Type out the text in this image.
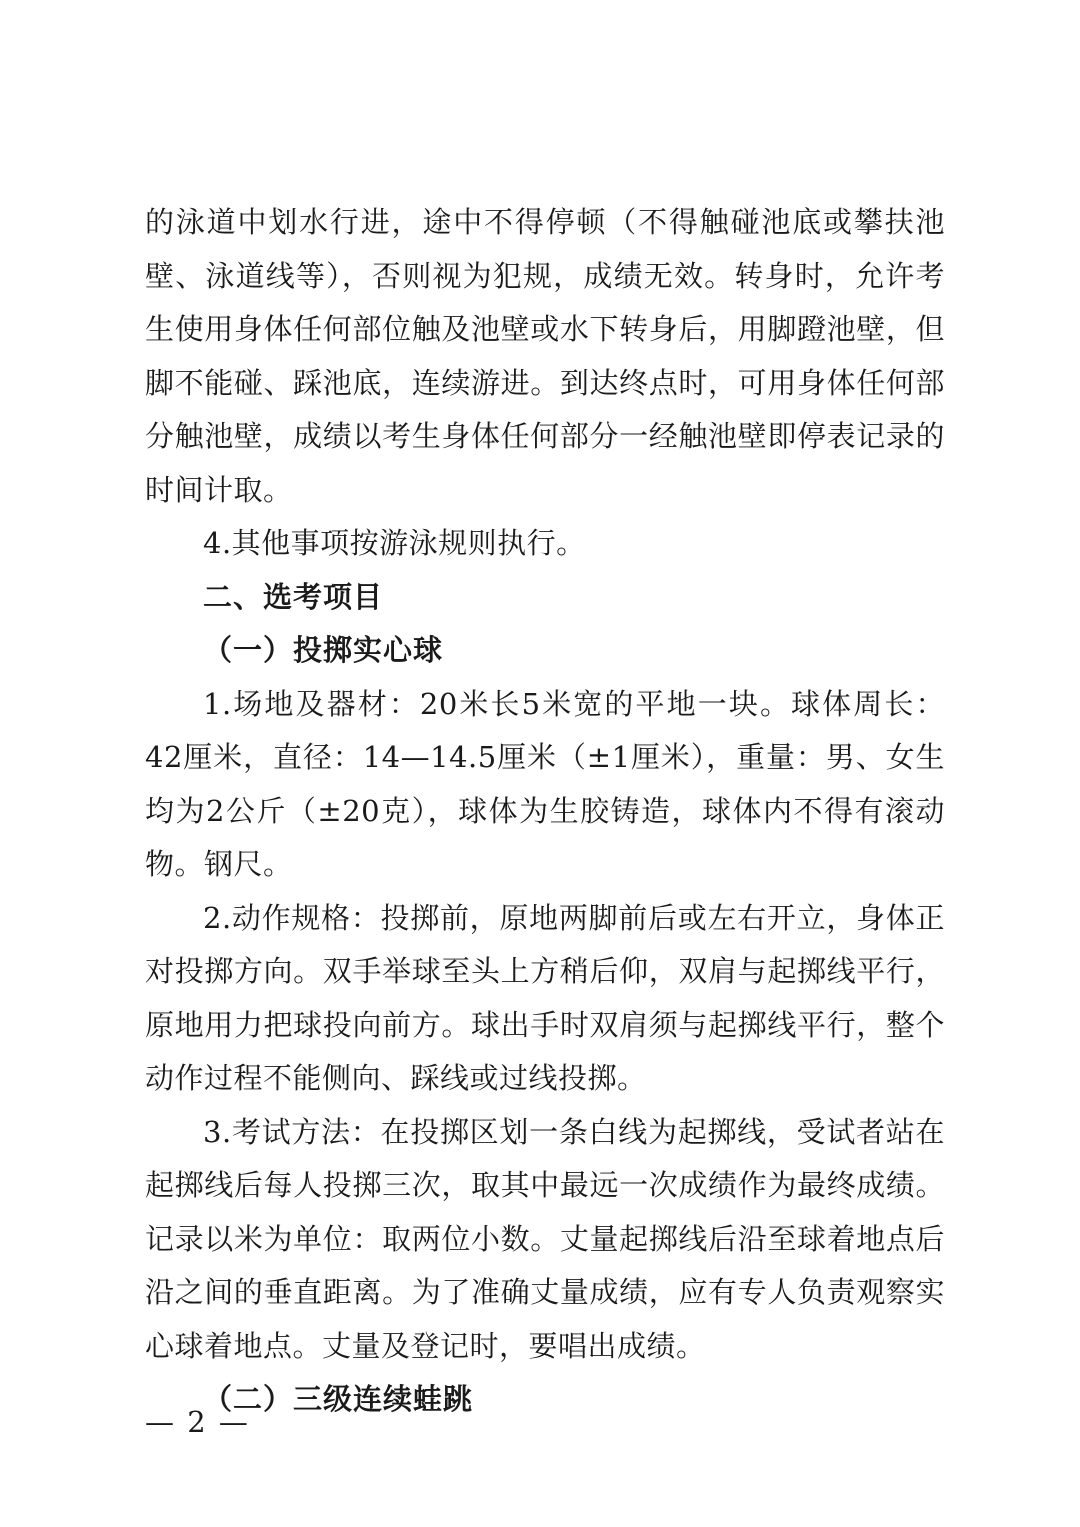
的泳道中划水行进，途中不得停顿（不得触碰池底或攀扶池壁、泳道线等），否则视为犯规，成绩无效。转身时，允许考生使用身体任何部位触及池壁或水下转身后，用脚蹬池壁，但脚不能碰、踩池底，连续游进。到达终点时，可用身体任何部分触池壁，成绩以考生身体任何部分一经触池壁即停表记录的时间计取。

4.其他事项按游泳规则执行。

二、选考项目

（一）投掷实心球

1.场地及器材：20米长5米宽的平地一块。球体周长：42厘米，直径：14—14.5厘米（±1厘米），重量：男、女生均为2公斤（±20克），球体为生胶铸造，球体内不得有滚动物。钢尺。

2.动作规格：投掷前，原地两脚前后或左右开立，身体正对投掷方向。双手举球至头上方稍后仰，双肩与起掷线平行，原地用力把球投向前方。球出手时双肩须与起掷线平行，整个动作过程不能侧向、踩线或过线投掷。

3.考试方法：在投掷区划一条白线为起掷线，受试者站在起掷线后每人投掷三次，取其中最远一次成绩作为最终成绩。记录以米为单位：取两位小数。丈量起掷线后沿至球着地点后沿之间的垂直距离。为了准确丈量成绩，应有专人负责观察实心球着地点。丈量及登记时，要唱出成绩。

（二）三级连续蛙跳

— 2 —
